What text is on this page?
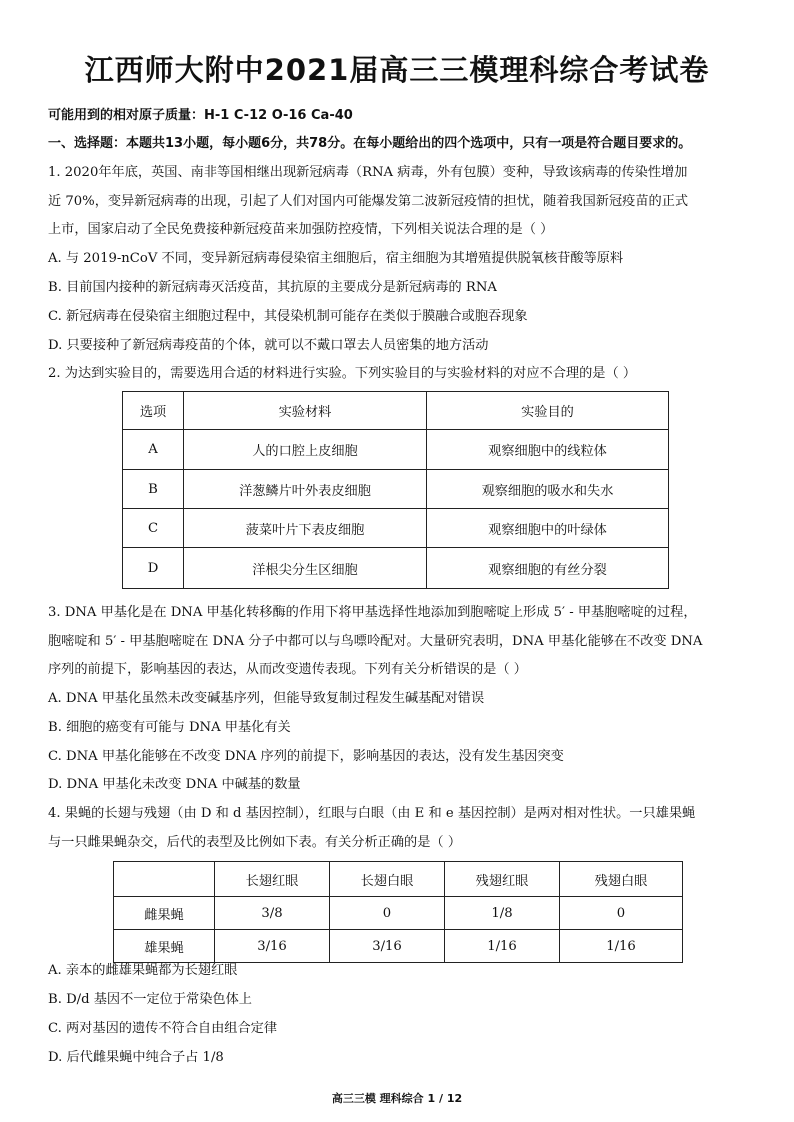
江西师大附中2021届高三三模理科综合考试卷
可能用到的相对原子质量：H-1 C-12 O-16 Ca-40
一、选择题：本题共13小题，每小题6分，共78分。在每小题给出的四个选项中，只有一项是符合题目要求的。
1. 2020年年底，英国、南非等国相继出现新冠病毒（RNA 病毒，外有包膜）变种，导致该病毒的传染性增加
近 70%，变异新冠病毒的出现，引起了人们对国内可能爆发第二波新冠疫情的担忧，随着我国新冠疫苗的正式
上市，国家启动了全民免费接种新冠疫苗来加强防控疫情，下列相关说法合理的是（ ）
A. 与 2019-nCoV 不同，变异新冠病毒侵染宿主细胞后，宿主细胞为其增殖提供脱氧核苷酸等原料
B. 目前国内接种的新冠病毒灭活疫苗，其抗原的主要成分是新冠病毒的 RNA
C. 新冠病毒在侵染宿主细胞过程中，其侵染机制可能存在类似于膜融合或胞吞现象
D. 只要接种了新冠病毒疫苗的个体，就可以不戴口罩去人员密集的地方活动
2. 为达到实验目的，需要选用合适的材料进行实验。下列实验目的与实验材料的对应不合理的是（ ）
选项	实验材料	实验目的
A	人的口腔上皮细胞	观察细胞中的线粒体
B	洋葱鳞片叶外表皮细胞	观察细胞的吸水和失水
C	菠菜叶片下表皮细胞	观察细胞中的叶绿体
D	洋根尖分生区细胞	观察细胞的有丝分裂
3. DNA 甲基化是在 DNA 甲基化转移酶的作用下将甲基选择性地添加到胞嘧啶上形成 5′ - 甲基胞嘧啶的过程，
胞嘧啶和 5′ - 甲基胞嘧啶在 DNA 分子中都可以与鸟嘌呤配对。大量研究表明，DNA 甲基化能够在不改变 DNA
序列的前提下，影响基因的表达，从而改变遗传表现。下列有关分析错误的是（ ）
A. DNA 甲基化虽然未改变碱基序列，但能导致复制过程发生碱基配对错误
B. 细胞的癌变有可能与 DNA 甲基化有关
C. DNA 甲基化能够在不改变 DNA 序列的前提下，影响基因的表达，没有发生基因突变
D. DNA 甲基化未改变 DNA 中碱基的数量
4. 果蝇的长翅与残翅（由 D 和 d 基因控制），红眼与白眼（由 E 和 e 基因控制）是两对相对性状。一只雄果蝇
与一只雌果蝇杂交，后代的表型及比例如下表。有关分析正确的是（ ）
	长翅红眼	长翅白眼	残翅红眼	残翅白眼
雌果蝇	3/8	0	1/8	0
雄果蝇	3/16	3/16	1/16	1/16
A. 亲本的雌雄果蝇都为长翅红眼
B. D/d 基因不一定位于常染色体上
C. 两对基因的遗传不符合自由组合定律
D. 后代雌果蝇中纯合子占 1/8
高三三模 理科综合 1 / 12
